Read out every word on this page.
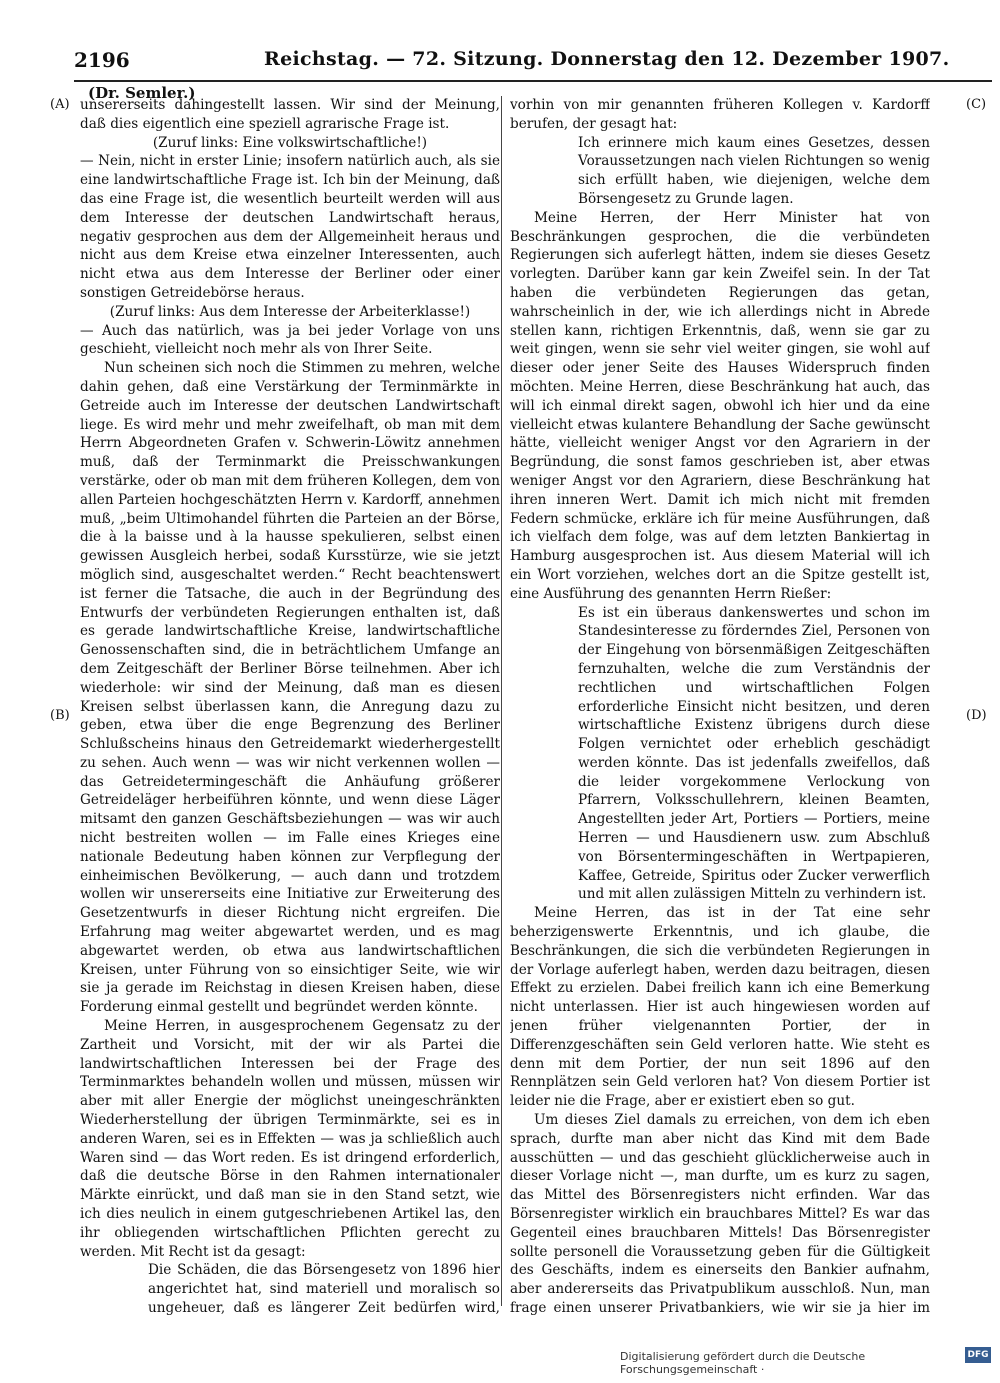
2196	Reichstag. — 72. Sitzung. Donnerstag den 12. Dezember 1907.
(Dr. Semler.)
(A)
(B)
(C)
(D)

unsererseits dahingestellt lassen. Wir sind der Meinung, daß dies eigentlich eine speziell agrarische Frage ist.

(Zuruf links: Eine volkswirtschaftliche!)

— Nein, nicht in erster Linie; insofern natürlich auch, als sie eine landwirtschaftliche Frage ist. Ich bin der Meinung, daß das eine Frage ist, die wesentlich beurteilt werden will aus dem Interesse der deutschen Landwirtschaft heraus, negativ gesprochen aus dem der Allgemeinheit heraus und nicht aus dem Kreise etwa einzelner Interessenten, auch nicht etwa aus dem Interesse der Berliner oder einer sonstigen Getreidebörse heraus.

(Zuruf links: Aus dem Interesse der Arbeiterklasse!)

— Auch das natürlich, was ja bei jeder Vorlage von uns geschieht, vielleicht noch mehr als von Ihrer Seite.

Nun scheinen sich noch die Stimmen zu mehren, welche dahin gehen, daß eine Verstärkung der Terminmärkte in Getreide auch im Interesse der deutschen Landwirtschaft liege. Es wird mehr und mehr zweifelhaft, ob man mit dem Herrn Abgeordneten Grafen v. Schwerin-Löwitz annehmen muß, daß der Terminmarkt die Preisschwankungen verstärke, oder ob man mit dem früheren Kollegen, dem von allen Parteien hochgeschätzten Herrn v. Kardorff, annehmen muß, „beim Ultimohandel führten die Parteien an der Börse, die à la baisse und à la hausse spekulieren, selbst einen gewissen Ausgleich herbei, sodaß Kursstürze, wie sie jetzt möglich sind, ausgeschaltet werden.“ Recht beachtenswert ist ferner die Tatsache, die auch in der Begründung des Entwurfs der verbündeten Regierungen enthalten ist, daß es gerade landwirtschaftliche Kreise, landwirtschaftliche Genossenschaften sind, die in beträchtlichem Umfange an dem Zeitgeschäft der Berliner Börse teilnehmen. Aber ich wiederhole: wir sind der Meinung, daß man es diesen Kreisen selbst überlassen kann, die Anregung dazu zu geben, etwa über die enge Begrenzung des Berliner Schlußscheins hinaus den Getreidemarkt wiederhergestellt zu sehen. Auch wenn — was wir nicht verkennen wollen — das Getreidetermingeschäft die Anhäufung größerer Getreideläger herbeiführen könnte, und wenn diese Läger mitsamt den ganzen Geschäftsbeziehungen — was wir auch nicht bestreiten wollen — im Falle eines Krieges eine nationale Bedeutung haben können zur Verpflegung der einheimischen Bevölkerung, — auch dann und trotzdem wollen wir unsererseits eine Initiative zur Erweiterung des Gesetzentwurfs in dieser Richtung nicht ergreifen. Die Erfahrung mag weiter abgewartet werden, und es mag abgewartet werden, ob etwa aus landwirtschaftlichen Kreisen, unter Führung von so einsichtiger Seite, wie wir sie ja gerade im Reichstag in diesen Kreisen haben, diese Forderung einmal gestellt und begründet werden könnte.

Meine Herren, in ausgesprochenem Gegensatz zu der Zartheit und Vorsicht, mit der wir als Partei die landwirtschaftlichen Interessen bei der Frage des Terminmarktes behandeln wollen und müssen, müssen wir aber mit aller Energie der möglichst uneingeschränkten Wiederherstellung der übrigen Terminmärkte, sei es in anderen Waren, sei es in Effekten — was ja schließlich auch Waren sind — das Wort reden. Es ist dringend erforderlich, daß die deutsche Börse in den Rahmen internationaler Märkte einrückt, und daß man sie in den Stand setzt, wie ich dies neulich in einem gutgeschriebenen Artikel las, den ihr obliegenden wirtschaftlichen Pflichten gerecht zu werden. Mit Recht ist da gesagt:

Die Schäden, die das Börsengesetz von 1896 hier angerichtet hat, sind materiell und moralisch so ungeheuer, daß es längerer Zeit bedürfen wird,

vorhin von mir genannten früheren Kollegen v. Kardorff berufen, der gesagt hat:

Ich erinnere mich kaum eines Gesetzes, dessen Voraussetzungen nach vielen Richtungen so wenig sich erfüllt haben, wie diejenigen, welche dem Börsengesetz zu Grunde lagen.

Meine Herren, der Herr Minister hat von Beschränkungen gesprochen, die die verbündeten Regierungen sich auferlegt hätten, indem sie dieses Gesetz vorlegten. Darüber kann gar kein Zweifel sein. In der Tat haben die verbündeten Regierungen das getan, wahrscheinlich in der, wie ich allerdings nicht in Abrede stellen kann, richtigen Erkenntnis, daß, wenn sie gar zu weit gingen, wenn sie sehr viel weiter gingen, sie wohl auf dieser oder jener Seite des Hauses Widerspruch finden möchten. Meine Herren, diese Beschränkung hat auch, das will ich einmal direkt sagen, obwohl ich hier und da eine vielleicht etwas kulantere Behandlung der Sache gewünscht hätte, vielleicht weniger Angst vor den Agrariern in der Begründung, die sonst famos geschrieben ist, aber etwas weniger Angst vor den Agrariern, diese Beschränkung hat ihren inneren Wert. Damit ich mich nicht mit fremden Federn schmücke, erkläre ich für meine Ausführungen, daß ich vielfach dem folge, was auf dem letzten Bankiertag in Hamburg ausgesprochen ist. Aus diesem Material will ich ein Wort vorziehen, welches dort an die Spitze gestellt ist, eine Ausführung des genannten Herrn Rießer:

Es ist ein überaus dankenswertes und schon im Standesinteresse zu förderndes Ziel, Personen von der Eingehung von börsenmäßigen Zeitgeschäften fernzuhalten, welche die zum Verständnis der rechtlichen und wirtschaftlichen Folgen erforderliche Einsicht nicht besitzen, und deren wirtschaftliche Existenz übrigens durch diese Folgen vernichtet oder erheblich geschädigt werden könnte. Das ist jedenfalls zweifellos, daß die leider vorgekommene Verlockung von Pfarrern, Volksschullehrern, kleinen Beamten, Angestellten jeder Art, Portiers — Portiers, meine Herren — und Hausdienern usw. zum Abschluß von Börsentermingeschäften in Wertpapieren, Kaffee, Getreide, Spiritus oder Zucker verwerflich und mit allen zulässigen Mitteln zu verhindern ist.

Meine Herren, das ist in der Tat eine sehr beherzigenswerte Erkenntnis, und ich glaube, die Beschränkungen, die sich die verbündeten Regierungen in der Vorlage auferlegt haben, werden dazu beitragen, diesen Effekt zu erzielen. Dabei freilich kann ich eine Bemerkung nicht unterlassen. Hier ist auch hingewiesen worden auf jenen früher vielgenannten Portier, der in Differenzgeschäften sein Geld verloren hatte. Wie steht es denn mit dem Portier, der nun seit 1896 auf den Rennplätzen sein Geld verloren hat? Von diesem Portier ist leider nie die Frage, aber er existiert eben so gut.

Um dieses Ziel damals zu erreichen, von dem ich eben sprach, durfte man aber nicht das Kind mit dem Bade ausschütten — und das geschieht glücklicherweise auch in dieser Vorlage nicht —, man durfte, um es kurz zu sagen, das Mittel des Börsenregisters nicht erfinden. War das Börsenregister wirklich ein brauchbares Mittel? Es war das Gegenteil eines brauchbaren Mittels! Das Börsenregister sollte personell die Voraussetzung geben für die Gültigkeit des Geschäfts, indem es einerseits den Bankier aufnahm, aber andererseits das Privatpublikum ausschloß. Nun, man frage einen unserer Privatbankiers, wie wir sie ja hier im

Digitalisierung gefördert durch die Deutsche Forschungsgemeinschaft ·
DFG
